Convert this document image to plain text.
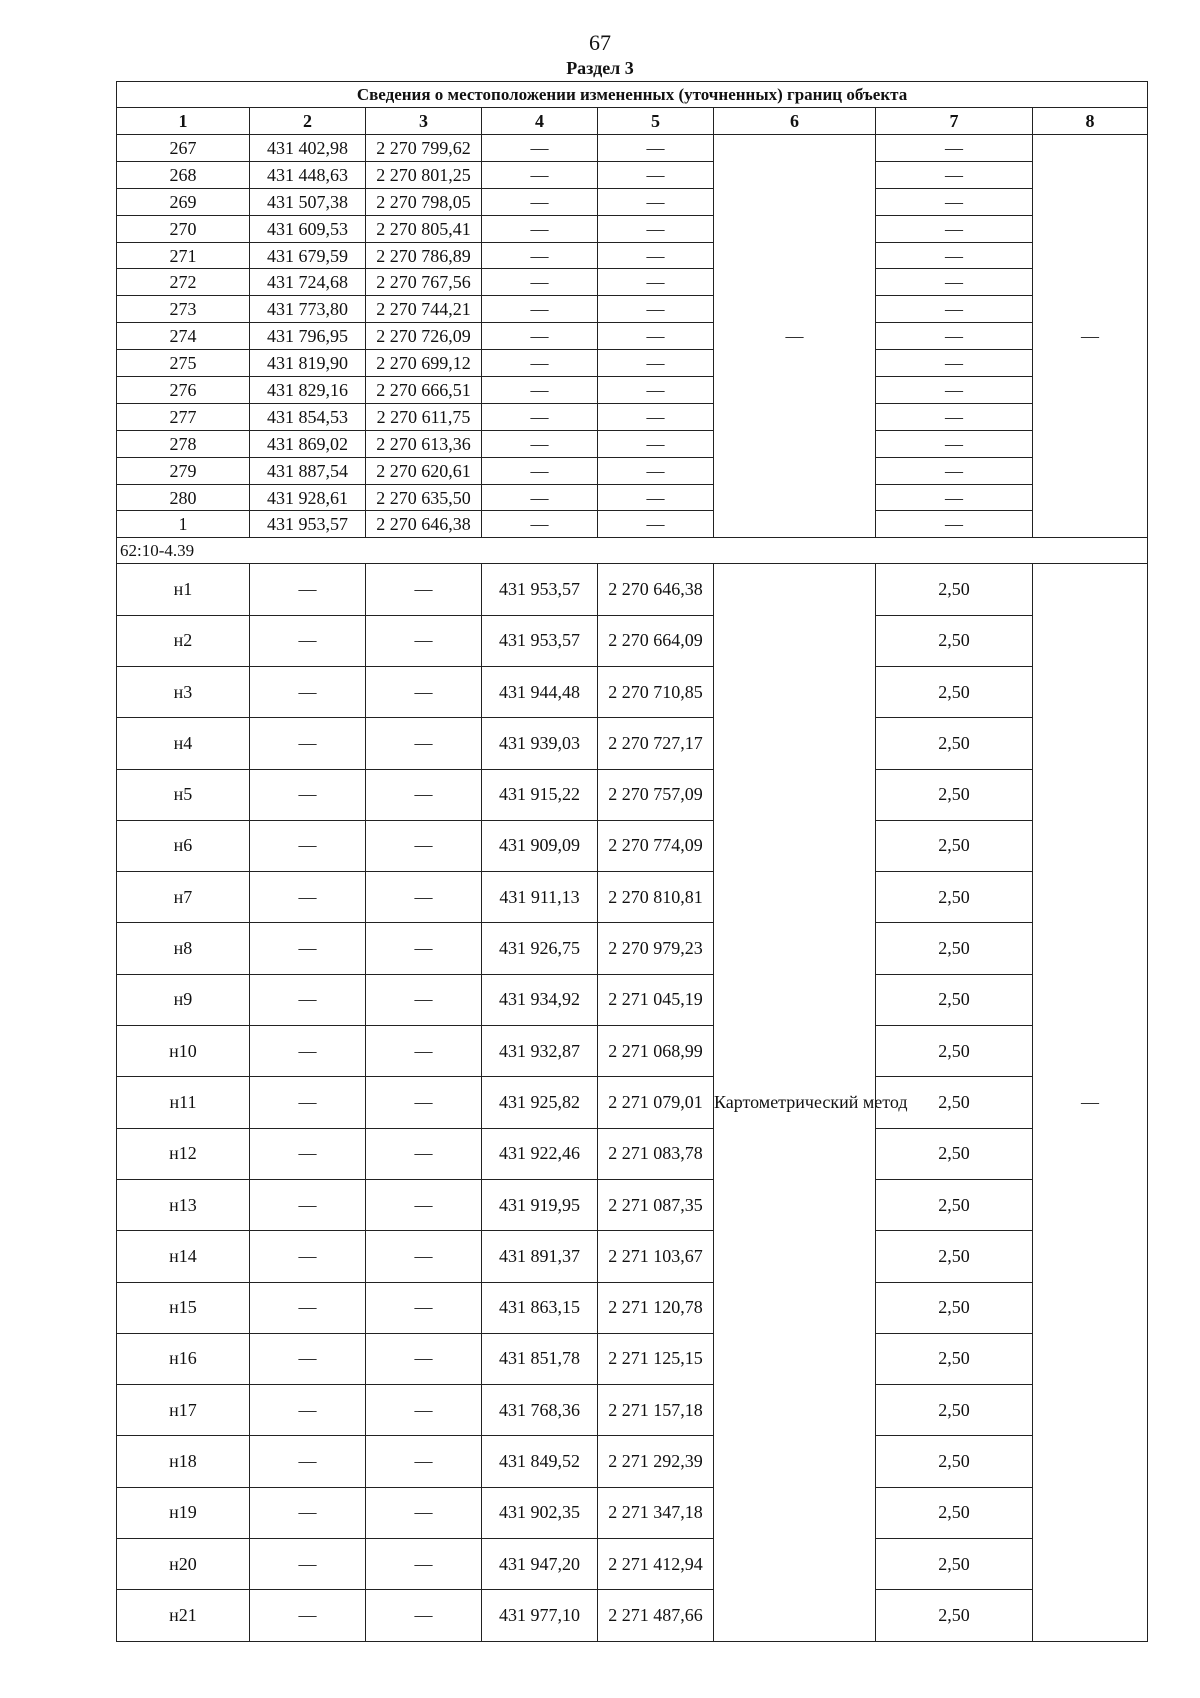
67
Раздел 3
Сведения о местоположении измененных (уточненных) границ объекта							
1	2	3	4	5	6	7	8
267	431 402,98	2 270 799,62	—	—	—	—	—
268	431 448,63	2 270 801,25	—	—		—	
269	431 507,38	2 270 798,05	—	—		—	
270	431 609,53	2 270 805,41	—	—		—	
271	431 679,59	2 270 786,89	—	—		—	
272	431 724,68	2 270 767,56	—	—		—	
273	431 773,80	2 270 744,21	—	—		—	
274	431 796,95	2 270 726,09	—	—		—	
275	431 819,90	2 270 699,12	—	—		—	
276	431 829,16	2 270 666,51	—	—		—	
277	431 854,53	2 270 611,75	—	—		—	
278	431 869,02	2 270 613,36	—	—		—	
279	431 887,54	2 270 620,61	—	—		—	
280	431 928,61	2 270 635,50	—	—		—	
1	431 953,57	2 270 646,38	—	—		—	
62:10-4.39							
н1	—	—	431 953,57	2 270 646,38	Картометрический метод	2,50	—
н2	—	—	431 953,57	2 270 664,09		2,50	
н3	—	—	431 944,48	2 270 710,85		2,50	
н4	—	—	431 939,03	2 270 727,17		2,50	
н5	—	—	431 915,22	2 270 757,09		2,50	
н6	—	—	431 909,09	2 270 774,09		2,50	
н7	—	—	431 911,13	2 270 810,81		2,50	
н8	—	—	431 926,75	2 270 979,23		2,50	
н9	—	—	431 934,92	2 271 045,19		2,50	
н10	—	—	431 932,87	2 271 068,99		2,50	
н11	—	—	431 925,82	2 271 079,01		2,50	
н12	—	—	431 922,46	2 271 083,78		2,50	
н13	—	—	431 919,95	2 271 087,35		2,50	
н14	—	—	431 891,37	2 271 103,67		2,50	
н15	—	—	431 863,15	2 271 120,78		2,50	
н16	—	—	431 851,78	2 271 125,15		2,50	
н17	—	—	431 768,36	2 271 157,18		2,50	
н18	—	—	431 849,52	2 271 292,39		2,50	
н19	—	—	431 902,35	2 271 347,18		2,50	
н20	—	—	431 947,20	2 271 412,94		2,50	
н21	—	—	431 977,10	2 271 487,66		2,50	
